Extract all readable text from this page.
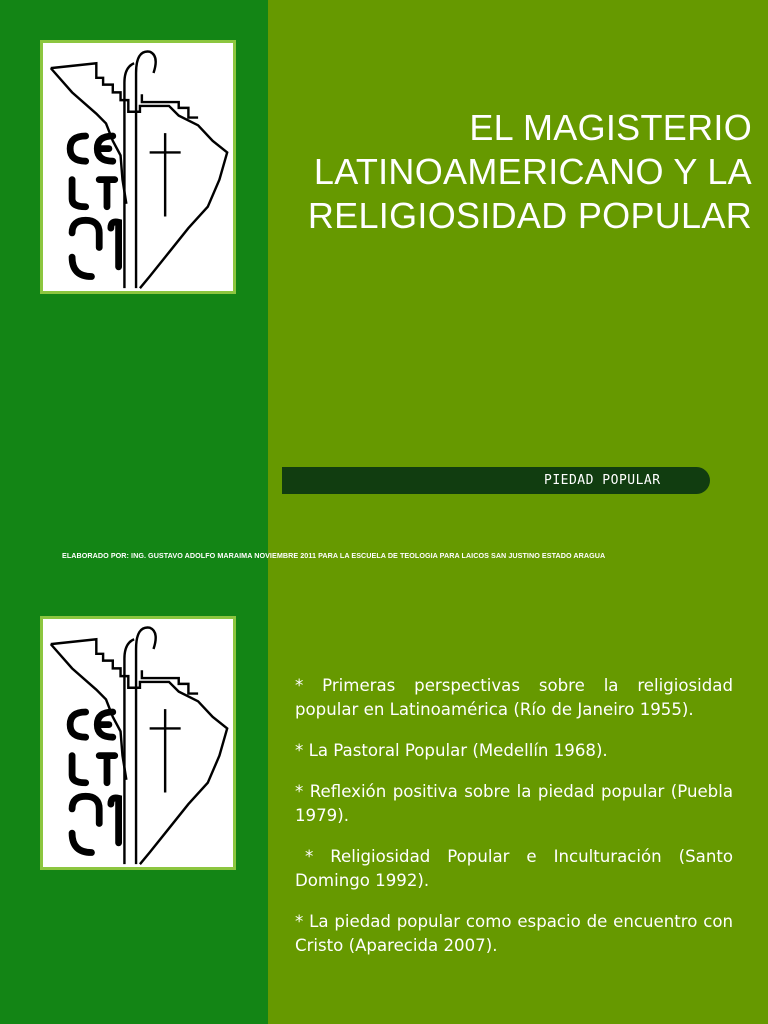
EL MAGISTERIO
LATINOAMERICANO Y LA
RELIGIOSIDAD POPULAR
PIEDAD POPULAR
ELABORADO POR: ING. GUSTAVO ADOLFO MARAIMA NOVIEMBRE 2011 PARA LA ESCUELA DE TEOLOGIA PARA LAICOS SAN JUSTINO ESTADO ARAGUA

* Primeras perspectivas sobre la religiosidad popular en Latinoamérica (Río de Janeiro 1955).

* La Pastoral Popular (Medellín 1968).

* Reflexión positiva sobre la piedad popular (Puebla 1979).

* Religiosidad Popular e Inculturación (Santo Domingo 1992).

* La piedad popular como espacio de encuentro con Cristo (Aparecida 2007).
